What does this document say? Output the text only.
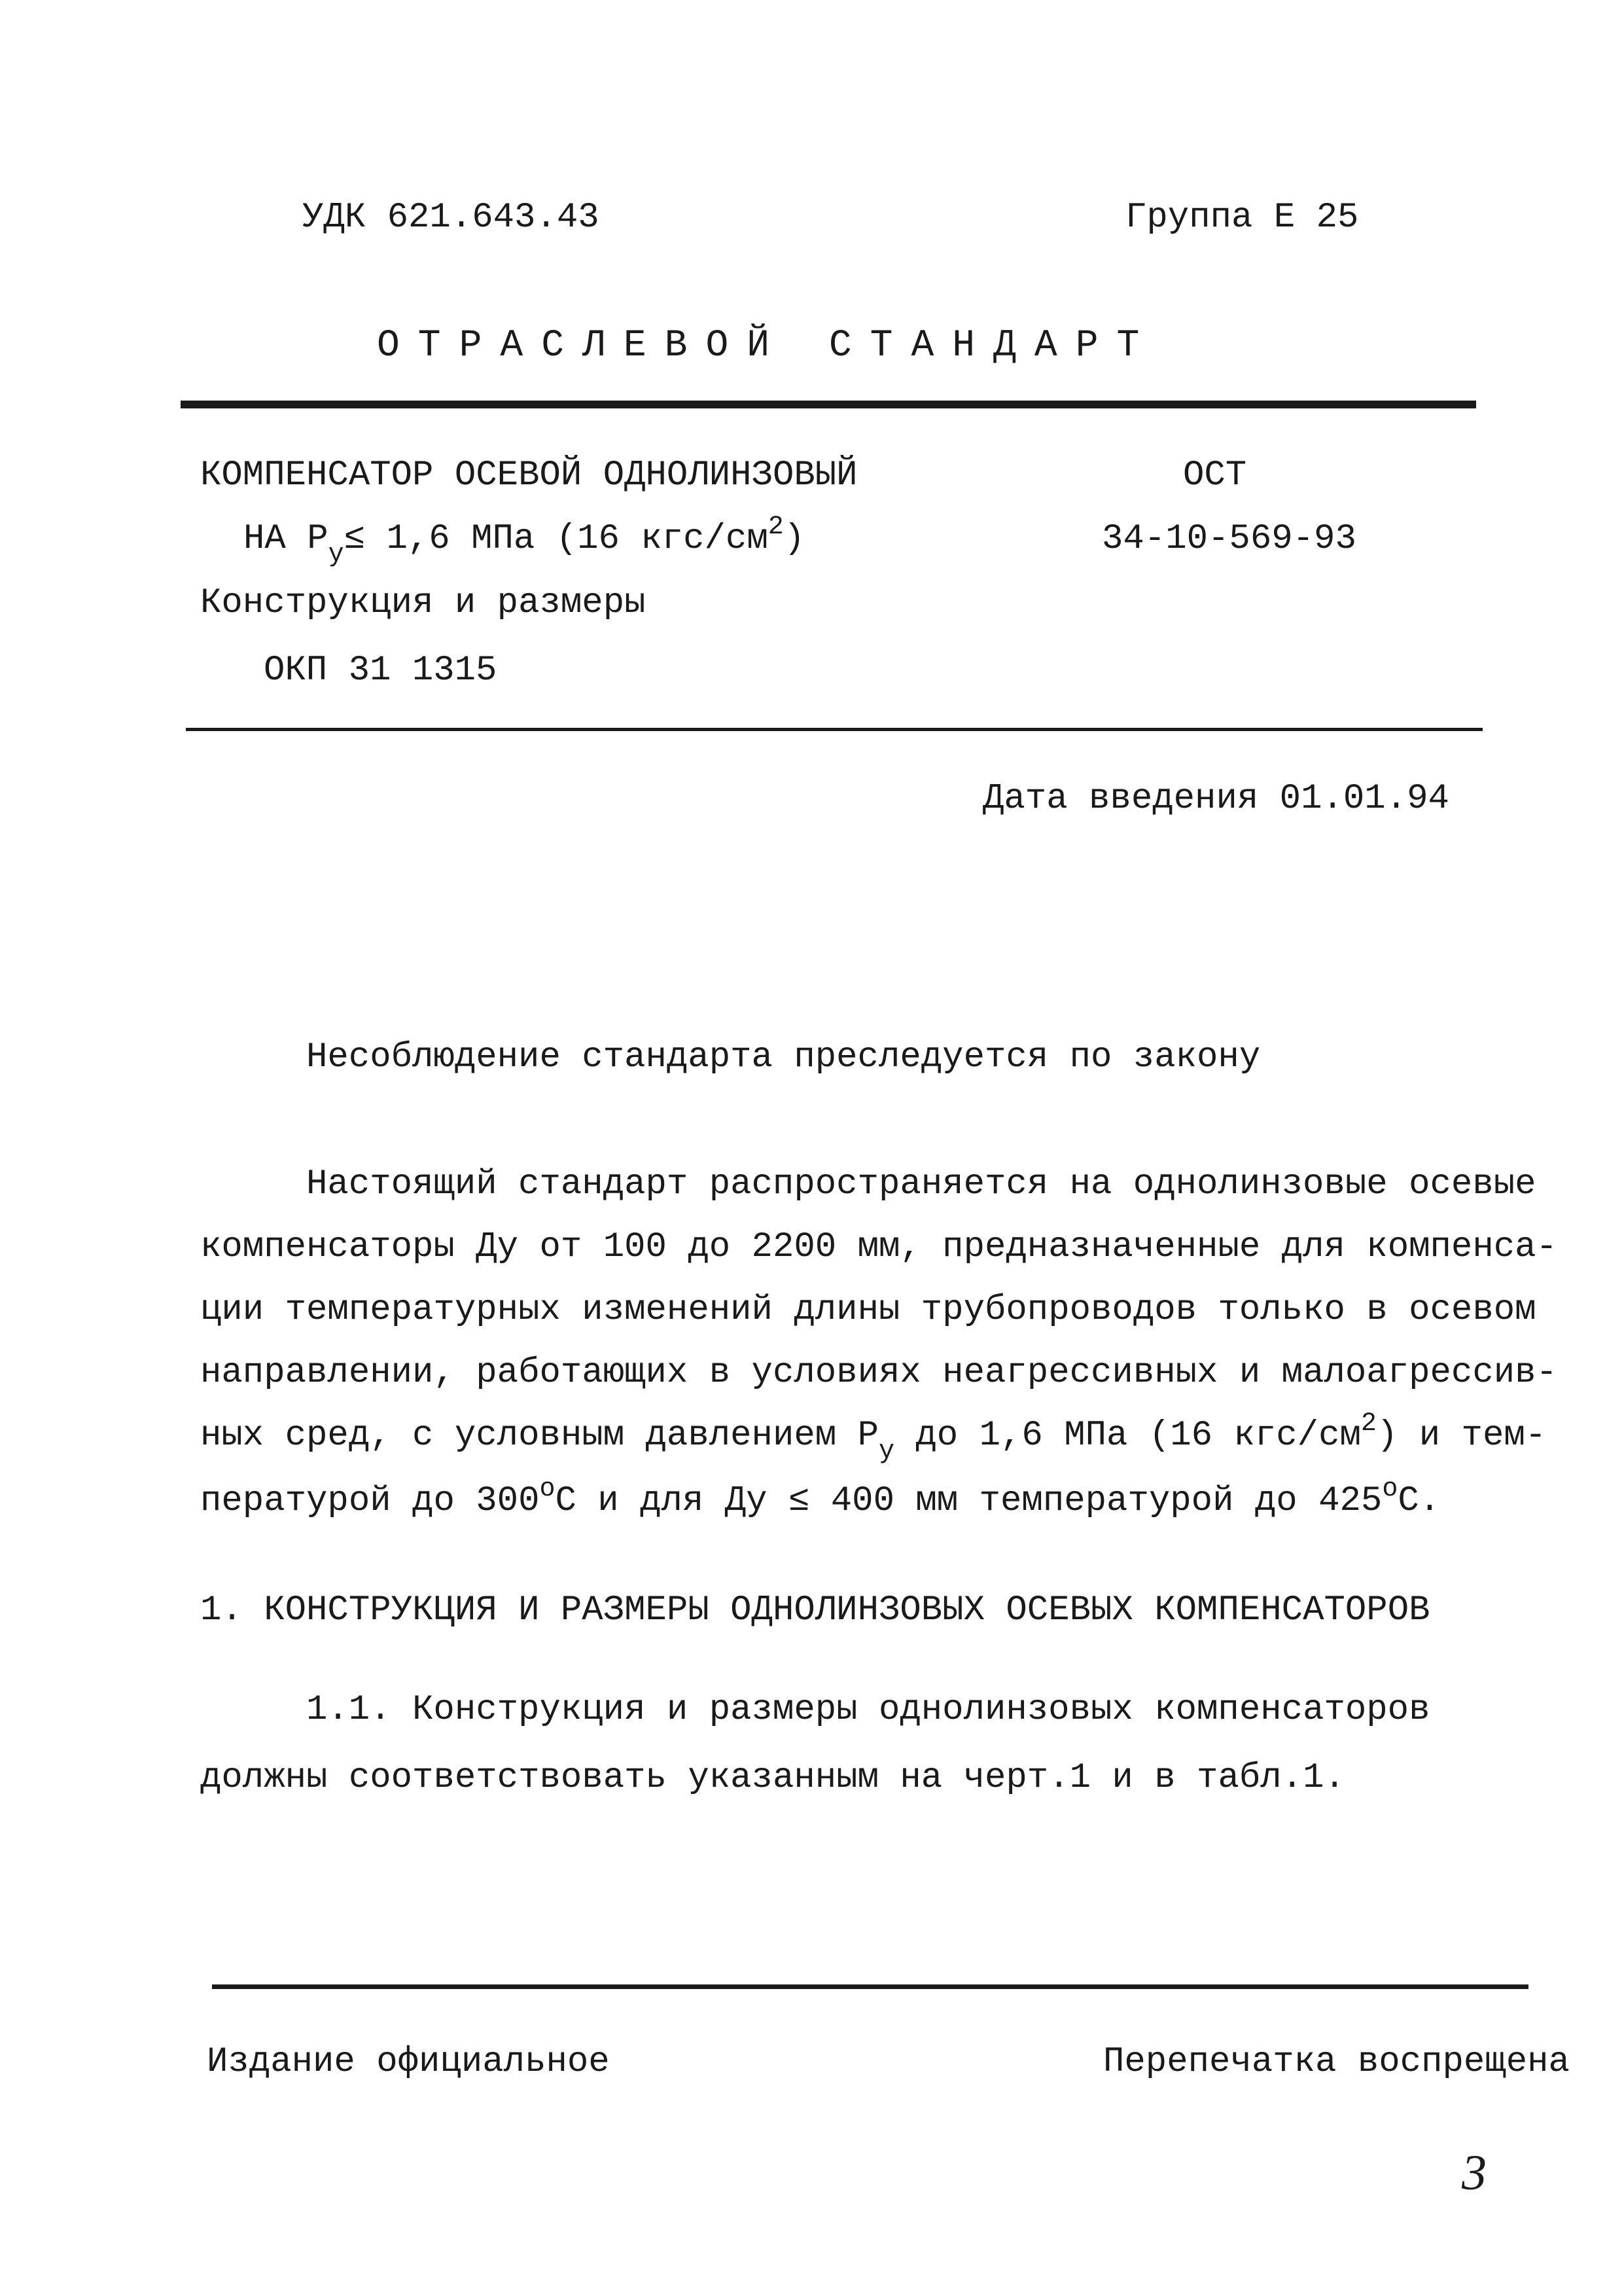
УДК 621.643.43	Группа Е 25
ОТРАСЛЕВОЙ СТАНДАРТ
КОМПЕНСАТОР ОСЕВОЙ ОДНОЛИНЗОВЫЙ
НА $Р_у\le 1,6$ МПа (16 кгс/$см^2$)
Конструкция и размеры
ОКП 31 1315
ОСТ
34-10-569-93
Дата введения 01.01.94
Несоблюдение стандарта преследуется по закону
Настоящий стандарт распространяется на однолинзовые осевые
компенсаторы Ду от 100 до 2200 мм, предназначенные для компенса-
ции температурных изменений длины трубопроводов только в осевом
направлении, работающих в условиях неагрессивных и малоагрессив-
ных сред, с условным давлением $Р_у$ до 1,6 МПа (16 кгс/$см^2$) и тем-
пературой до $300^оС$ и для Ду ≤ 400 мм температурой до $425^оС$.
1. КОНСТРУКЦИЯ И РАЗМЕРЫ ОДНОЛИНЗОВЫХ ОСЕВЫХ КОМПЕНСАТОРОВ
1.1. Конструкция и размеры однолинзовых компенсаторов
должны соответствовать указанным на черт.1 и в табл.1.
Издание официальное	Перепечатка воспрещена
3
